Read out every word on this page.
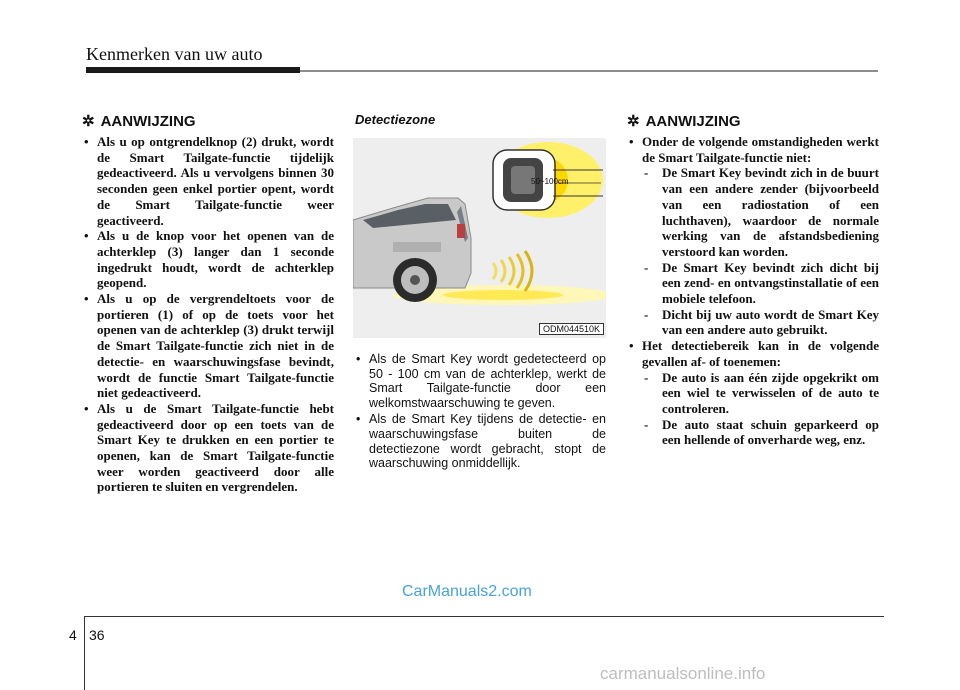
Kenmerken van uw auto
✲ AANWIJZING
• Als u op ontgrendelknop (2) drukt, wordt de Smart Tailgate-functie tijdelijk gedeactiveerd. Als u vervolgens binnen 30 seconden geen enkel portier opent, wordt de Smart Tailgate-functie weer geactiveerd.
• Als u de knop voor het openen van de achterklep (3) langer dan 1 seconde ingedrukt houdt, wordt de achterklep geopend.
• Als u op de vergrendeltoets voor de portieren (1) of op de toets voor het openen van de achterklep (3) drukt terwijl de Smart Tailgate-functie zich niet in de detectie- en waarschuwingsfase bevindt, wordt de functie Smart Tailgate-functie niet gedeactiveerd.
• Als u de Smart Tailgate-functie hebt gedeactiveerd door op een toets van de Smart Key te drukken en een portier te openen, kan de Smart Tailgate-functie weer worden geactiveerd door alle portieren te sluiten en vergrendelen.
Detectiezone
50~100cm
ODM044510K
• Als de Smart Key wordt gedetecteerd op 50 - 100 cm van de achterklep, werkt de Smart Tailgate-functie door een welkomstwaarschuwing te geven.
• Als de Smart Key tijdens de detectie- en waarschuwingsfase buiten de detectiezone wordt gebracht, stopt de waarschuwing onmiddellijk.
✲ AANWIJZING
• Onder de volgende omstandigheden werkt de Smart Tailgate-functie niet:
- De Smart Key bevindt zich in de buurt van een andere zender (bijvoorbeeld van een radiostation of een luchthaven), waardoor de normale werking van de afstandsbediening verstoord kan worden.
- De Smart Key bevindt zich dicht bij een zend- en ontvangstinstallatie of een mobiele telefoon.
- Dicht bij uw auto wordt de Smart Key van een andere auto gebruikt.
• Het detectiebereik kan in de volgende gevallen af- of toenemen:
- De auto is aan één zijde opgekrikt om een wiel te verwisselen of de auto te controleren.
- De auto staat schuin geparkeerd op een hellende of onverharde weg, enz.
CarManuals2.com
4 36
carmanualsonline.info
